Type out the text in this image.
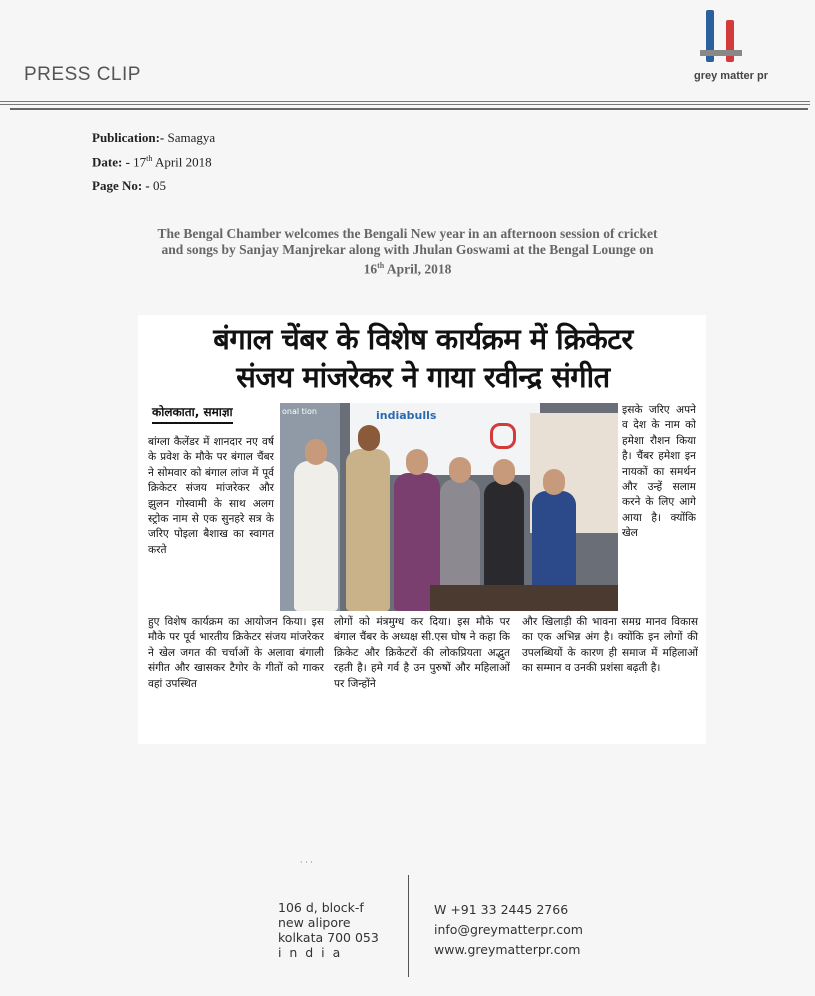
PRESS CLIP	grey matter pr
Publication:- Samagya
Date: - 17th April 2018
Page No: - 05
The Bengal Chamber welcomes the Bengali New year in an afternoon session of cricket
and songs by Sanjay Manjrekar along with Jhulan Goswami at the Bengal Lounge on
16th April, 2018
बंगाल चेंबर के विशेष कार्यक्रम में क्रिकेटर
संजय मांजरेकर ने गाया रवीन्द्र संगीत
कोलकाता, समाज्ञा
बांग्ला कैलेंडर में शानदार नए वर्ष के प्रवेश के मौके पर बंगाल चैंबर ने सोमवार को बंगाल लांज में पूर्व क्रिकेटर संजय मांजरेकर और झुलन गोस्वामी के साथ अलग स्ट्रोक नाम से एक सुनहरे सत्र के जरिए पोइला बैशाख का स्वागत करते
indiabulls
onal tion	इसके जरिए अपने व देश के नाम को हमेशा रौशन किया है। चैंबर हमेशा इन नायकों का समर्थन और उन्हें सलाम करने के लिए आगे आया है। क्योंकि खेल
हुए विशेष कार्यक्रम का आयोजन किया। इस मौके पर पूर्व भारतीय क्रिकेटर संजय मांजरेकर ने खेल जगत की चर्चाओं के अलावा बंगाली संगीत और खासकर टैगोर के गीतों को गाकर वहां उपस्थित
लोगों को मंत्रमुग्ध कर दिया। इस मौके पर बंगाल चैंबर के अध्यक्ष सी.एस घोष ने कहा कि क्रिकेट और क्रिकेटरों की लोकप्रियता अद्भुत रहती है। हमे गर्व है उन पुरुषों और महिलाओं पर जिन्होंने
और खिलाड़ी की भावना समग्र मानव विकास का एक अभिन्न अंग है। क्योंकि इन लोगों की उपलब्धियों के कारण ही समाज में महिलाओं का सम्मान व उनकी प्रशंसा बढ़ती है।
· · ·
106 d, block-f
new alipore
kolkata 700 053
i  n  d  i  a
W +91 33 2445 2766
info@greymatterpr.com
www.greymatterpr.com
